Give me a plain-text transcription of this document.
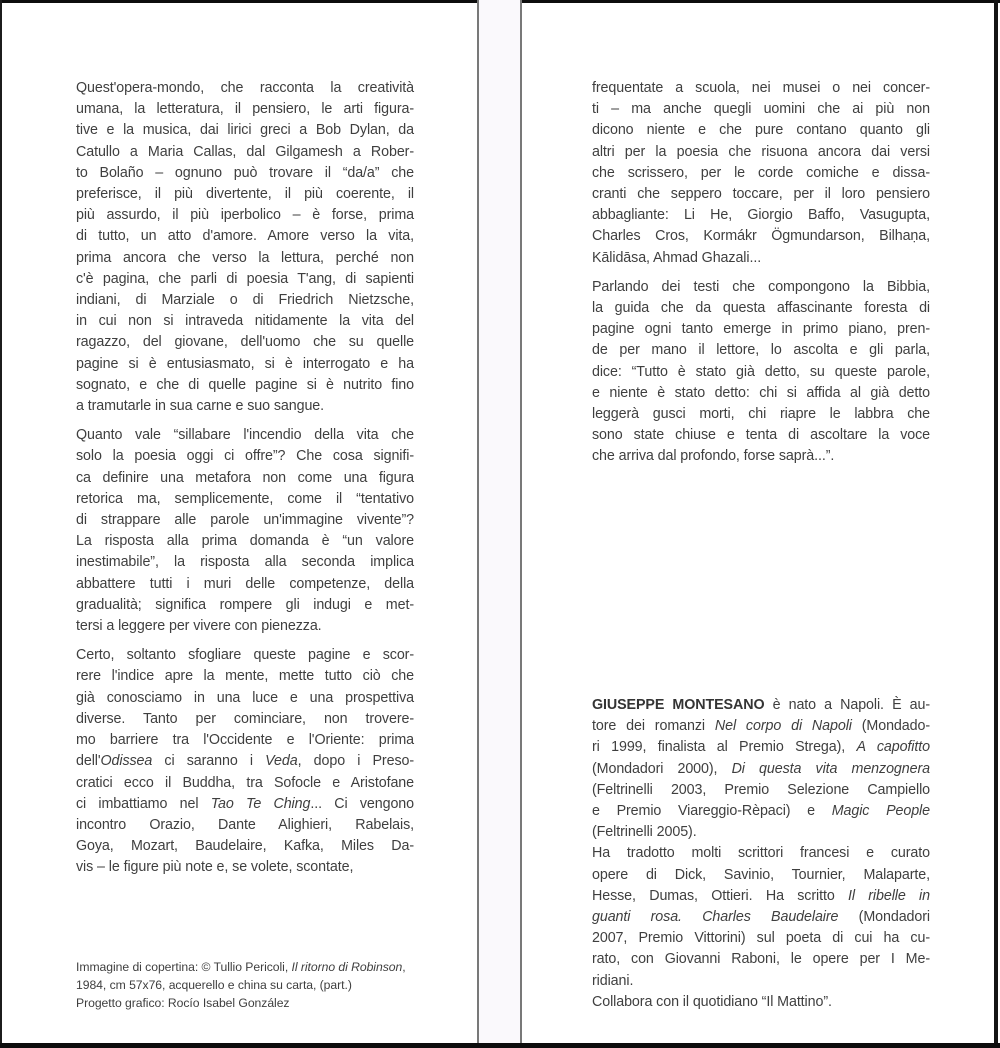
Quest'opera-mondo, che racconta la creatività
umana, la letteratura, il pensiero, le arti figura-
tive e la musica, dai lirici greci a Bob Dylan, da
Catullo a Maria Callas, dal Gilgamesh a Rober-
to Bolaño – ognuno può trovare il “da/a” che
preferisce, il più divertente, il più coerente, il
più assurdo, il più iperbolico – è forse, prima
di tutto, un atto d'amore. Amore verso la vita,
prima ancora che verso la lettura, perché non
c'è pagina, che parli di poesia T'ang, di sapienti
indiani, di Marziale o di Friedrich Nietzsche,
in cui non si intraveda nitidamente la vita del
ragazzo, del giovane, dell'uomo che su quelle
pagine si è entusiasmato, si è interrogato e ha
sognato, e che di quelle pagine si è nutrito fino
a tramutarle in sua carne e suo sangue.
Quanto vale “sillabare l'incendio della vita che
solo la poesia oggi ci offre”? Che cosa signifi-
ca definire una metafora non come una figura
retorica ma, semplicemente, come il “tentativo
di strappare alle parole un'immagine vivente”?
La risposta alla prima domanda è “un valore
inestimabile”, la risposta alla seconda implica
abbattere tutti i muri delle competenze, della
gradualità; significa rompere gli indugi e met-
tersi a leggere per vivere con pienezza.
Certo, soltanto sfogliare queste pagine e scor-
rere l'indice apre la mente, mette tutto ciò che
già conosciamo in una luce e una prospettiva
diverse. Tanto per cominciare, non trovere-
mo barriere tra l'Occidente e l'Oriente: prima
dell'Odissea ci saranno i Veda, dopo i Preso-
cratici ecco il Buddha, tra Sofocle e Aristofane
ci imbattiamo nel Tao Te Ching... Ci vengono
incontro Orazio, Dante Alighieri, Rabelais,
Goya, Mozart, Baudelaire, Kafka, Miles Da-
vis – le figure più note e, se volete, scontate,
Immagine di copertina: © Tullio Pericoli, Il ritorno di Robinson,
1984, cm 57x76, acquerello e china su carta, (part.)
Progetto grafico: Rocío Isabel González
frequentate a scuola, nei musei o nei concer-
ti – ma anche quegli uomini che ai più non
dicono niente e che pure contano quanto gli
altri per la poesia che risuona ancora dai versi
che scrissero, per le corde comiche e dissa-
cranti che seppero toccare, per il loro pensiero
abbagliante: Li He, Giorgio Baffo, Vasugupta,
Charles Cros, Kormákr Ögmundarson, Bilhaṇa,
Kālidāsa, Ahmad Ghazali...
Parlando dei testi che compongono la Bibbia,
la guida che da questa affascinante foresta di
pagine ogni tanto emerge in primo piano, pren-
de per mano il lettore, lo ascolta e gli parla,
dice: “Tutto è stato già detto, su queste parole,
e niente è stato detto: chi si affida al già detto
leggerà gusci morti, chi riapre le labbra che
sono state chiuse e tenta di ascoltare la voce
che arriva dal profondo, forse saprà...”.
GIUSEPPE MONTESANO è nato a Napoli. È au-
tore dei romanzi Nel corpo di Napoli (Mondado-
ri 1999, finalista al Premio Strega), A capofitto
(Mondadori 2000), Di questa vita menzognera
(Feltrinelli 2003, Premio Selezione Campiello
e Premio Viareggio-Rèpaci) e Magic People
(Feltrinelli 2005).
Ha tradotto molti scrittori francesi e curato
opere di Dick, Savinio, Tournier, Malaparte,
Hesse, Dumas, Ottieri. Ha scritto Il ribelle in
guanti rosa. Charles Baudelaire (Mondadori
2007, Premio Vittorini) sul poeta di cui ha cu-
rato, con Giovanni Raboni, le opere per I Me-
ridiani.
Collabora con il quotidiano “Il Mattino”.
